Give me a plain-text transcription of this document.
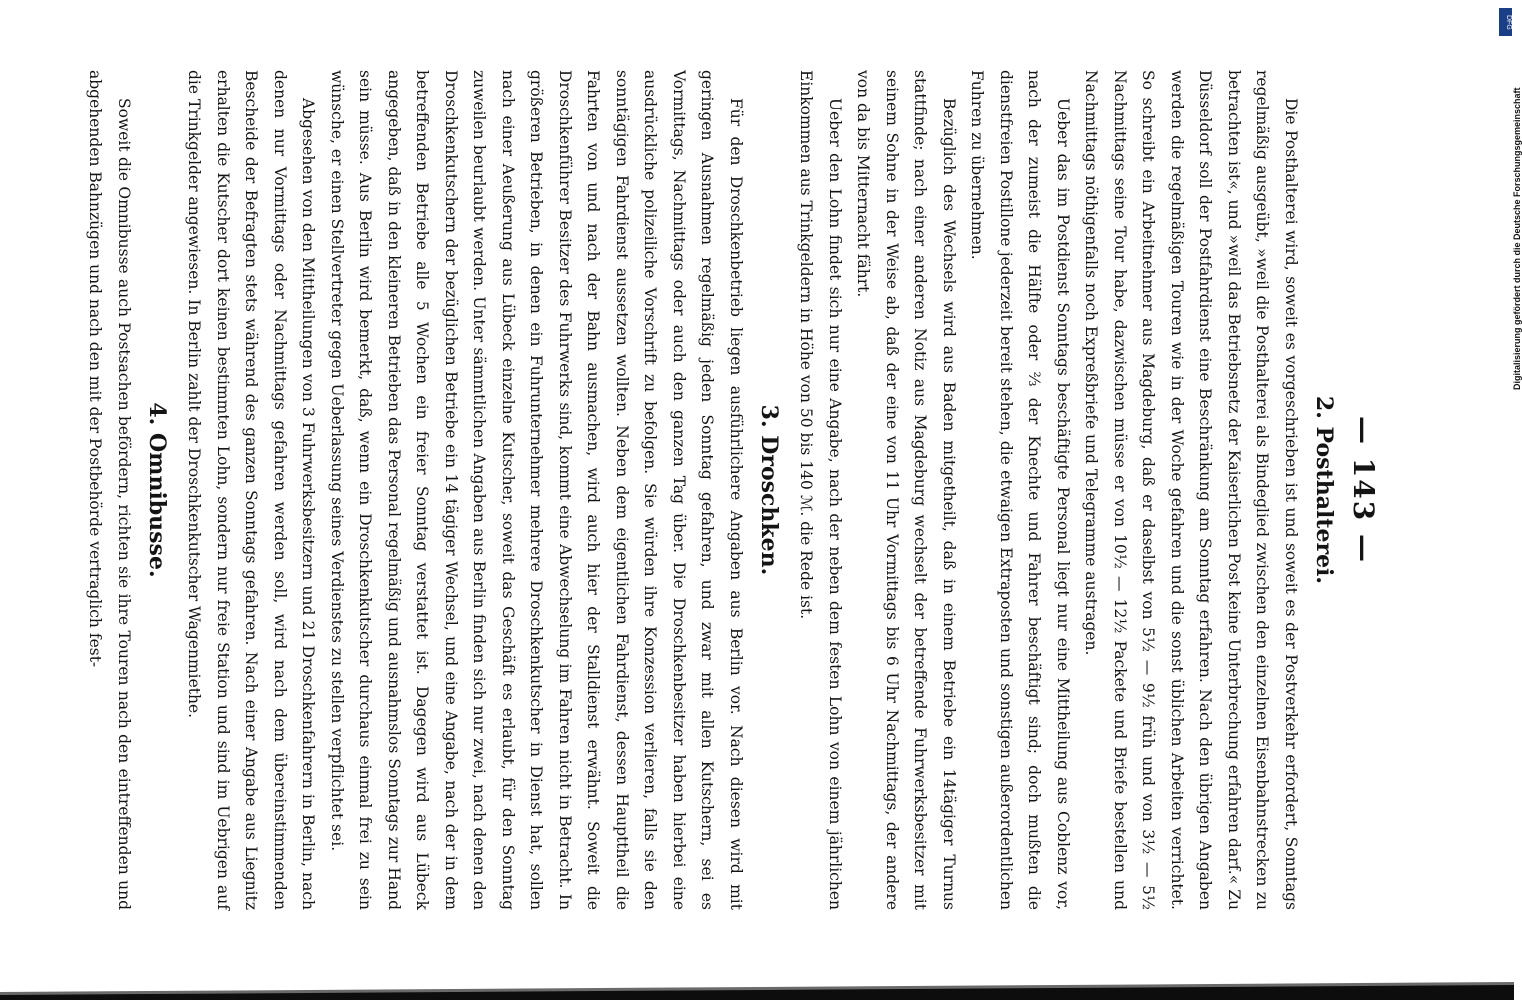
— 143 —
2. Posthalterei.

Die Posthalterei wird, soweit es vorgeschrieben ist und soweit es der Postverkehr erfordert, Sonntags regelmäßig ausgeübt, »weil die Posthalterei als Bindeglied zwischen den einzelnen Eisenbahnstrecken zu betrachten ist«, und »weil das Betriebsnetz der Kaiserlichen Post keine Unterbrechung erfahren darf.« Zu Düsseldorf soll der Postfahrdienst eine Beschränkung am Sonntag erfahren. Nach den übrigen Angaben werden die regelmäßigen Touren wie in der Woche gefahren und die sonst üblichen Arbeiten verrichtet. So schreibt ein Arbeitnehmer aus Magdeburg, daß er daselbst von 5½ — 9½ früh und von 3½ — 5½ Nachmittags seine Tour habe, dazwischen müsse er von 10½ — 12½ Packete und Briefe bestellen und Nachmittags nöthigenfalls noch Expreßbriefe und Telegramme austragen.

Ueber das im Postdienst Sonntags beschäftigte Personal liegt nur eine Mittheilung aus Coblenz vor, nach der zumeist die Hälfte oder ⅔ der Knechte und Fahrer beschäftigt sind; doch mußten die dienstfreien Postillone jederzeit bereit stehen, die etwaigen Extraposten und sonstigen außerordentlichen Fuhren zu übernehmen.

Bezüglich des Wechsels wird aus Baden mitgetheilt, daß in einem Betriebe ein 14tägiger Turnus stattfinde; nach einer anderen Notiz aus Magdeburg wechselt der betreffende Fuhrwerksbesitzer mit seinem Sohne in der Weise ab, daß der eine von 11 Uhr Vormittags bis 6 Uhr Nachmittags, der andere von da bis Mitternacht fährt.

Ueber den Lohn findet sich nur eine Angabe, nach der neben dem festen Lohn von einem jährlichen Einkommen aus Trinkgeldern in Höhe von 50 bis 140 ℳ. die Rede ist.

3. Droschken.

Für den Droschkenbetrieb liegen ausführlichere Angaben aus Berlin vor. Nach diesen wird mit geringen Ausnahmen regelmäßig jeden Sonntag gefahren, und zwar mit allen Kutschern, sei es Vormittags, Nachmittags oder auch den ganzen Tag über. Die Droschkenbesitzer haben hierbei eine ausdrückliche polizeiliche Vorschrift zu befolgen. Sie würden ihre Konzession verlieren, falls sie den sonntägigen Fahrdienst aussetzen wollten. Neben dem eigentlichen Fahrdienst, dessen Haupttheil die Fahrten von und nach der Bahn ausmachen, wird auch hier der Stalldienst erwähnt. Soweit die Droschkenführer Besitzer des Fuhrwerks sind, kommt eine Abwechselung im Fahren nicht in Betracht. In größeren Betrieben, in denen ein Fuhrunternehmer mehrere Droschkenkutscher in Dienst hat, sollen nach einer Aeußerung aus Lübeck einzelne Kutscher, soweit das Geschäft es erlaubt, für den Sonntag zuweilen beurlaubt werden. Unter sämmtlichen Angaben aus Berlin finden sich nur zwei, nach denen den Droschkenkutschern der bezüglichen Betriebe ein 14 tägiger Wechsel, und eine Angabe, nach der in dem betreffenden Betriebe alle 5 Wochen ein freier Sonntag verstattet ist. Dagegen wird aus Lübeck angegeben, daß in den kleineren Betrieben das Personal regelmäßig und ausnahmslos Sonntags zur Hand sein müsse. Aus Berlin wird bemerkt, daß, wenn ein Droschkenkutscher durchaus einmal frei zu sein wünsche, er einen Stellvertreter gegen Ueberlassung seines Verdienstes zu stellen verpflichtet sei.

Abgesehen von den Mittheilungen von 3 Fuhrwerksbesitzern und 21 Droschkenfahrern in Berlin, nach denen nur Vormittags oder Nachmittags gefahren werden soll, wird nach dem übereinstimmenden Bescheide der Befragten stets während des ganzen Sonntags gefahren. Nach einer Angabe aus Liegnitz erhalten die Kutscher dort keinen bestimmten Lohn, sondern nur freie Station und sind im Uebrigen auf die Trinkgelder angewiesen. In Berlin zahlt der Droschkenkutscher Wagenmiethe.

4. Omnibusse.

Soweit die Omnibusse auch Postsachen befördern, richten sie ihre Touren nach den eintreffenden und abgehenden Bahnzügen und nach den mit der Postbehörde vertraglich fest-

DFG
Digitalisierung gefördert durch die Deutsche Forschungsgemeinschaft
